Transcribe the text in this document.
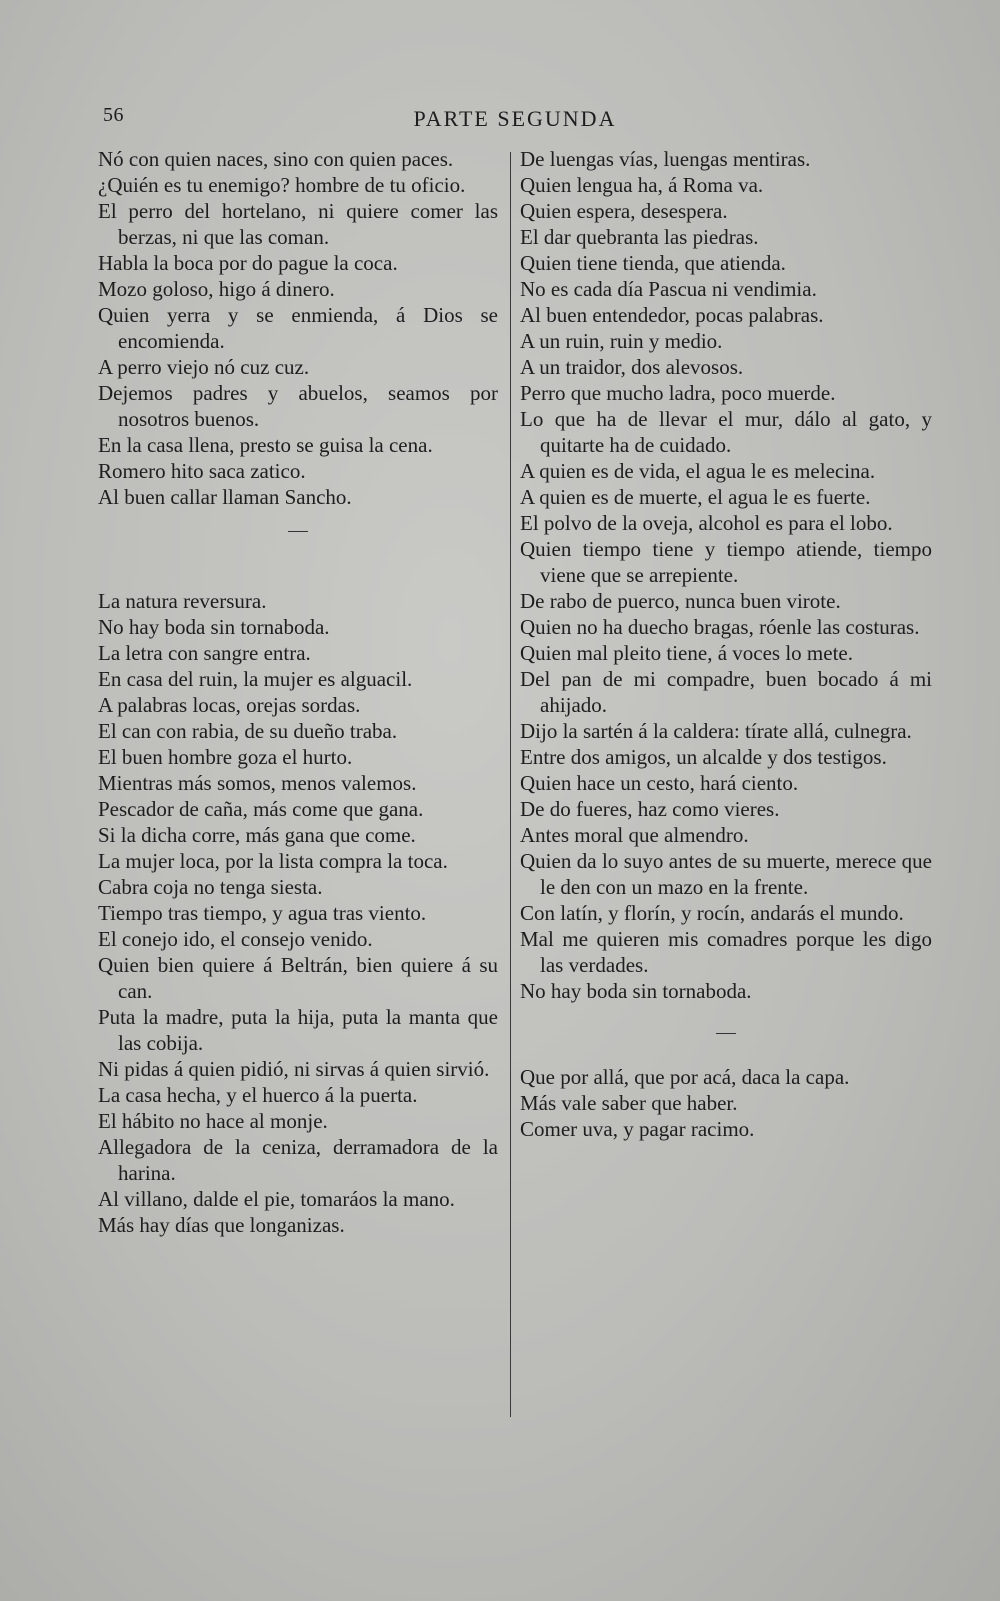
56	PARTE SEGUNDA

Nó con quien naces, sino con quien paces.

¿Quién es tu enemigo? hombre de tu oficio.

El perro del hortelano, ni quiere comer las berzas, ni que las coman.

Habla la boca por do pague la coca.

Mozo goloso, higo á dinero.

Quien yerra y se enmienda, á Dios se encomienda.

A perro viejo nó cuz cuz.

Dejemos padres y abuelos, seamos por nosotros buenos.

En la casa llena, presto se guisa la cena.

Romero hito saca zatico.

Al buen callar llaman Sancho.

La natura reversura.

No hay boda sin tornaboda.

La letra con sangre entra.

En casa del ruin, la mujer es alguacil.

A palabras locas, orejas sordas.

El can con rabia, de su dueño traba.

El buen hombre goza el hurto.

Mientras más somos, menos valemos.

Pescador de caña, más come que gana.

Si la dicha corre, más gana que come.

La mujer loca, por la lista compra la toca.

Cabra coja no tenga siesta.

Tiempo tras tiempo, y agua tras viento.

El conejo ido, el consejo venido.

Quien bien quiere á Beltrán, bien quiere á su can.

Puta la madre, puta la hija, puta la manta que las cobija.

Ni pidas á quien pidió, ni sirvas á quien sirvió.

La casa hecha, y el huerco á la puerta.

El hábito no hace al monje.

Allegadora de la ceniza, derramadora de la harina.

Al villano, dalde el pie, tomaráos la mano.

Más hay días que longanizas.

De luengas vías, luengas mentiras.

Quien lengua ha, á Roma va.

Quien espera, desespera.

El dar quebranta las piedras.

Quien tiene tienda, que atienda.

No es cada día Pascua ni vendimia.

Al buen entendedor, pocas palabras.

A un ruin, ruin y medio.

A un traidor, dos alevosos.

Perro que mucho ladra, poco muerde.

Lo que ha de llevar el mur, dálo al gato, y quitarte ha de cuidado.

A quien es de vida, el agua le es melecina.

A quien es de muerte, el agua le es fuerte.

El polvo de la oveja, alcohol es para el lobo.

Quien tiempo tiene y tiempo atiende, tiempo viene que se arrepiente.

De rabo de puerco, nunca buen virote.

Quien no ha duecho bragas, róenle las costuras.

Quien mal pleito tiene, á voces lo mete.

Del pan de mi compadre, buen bocado á mi ahijado.

Dijo la sartén á la caldera: tírate allá, culnegra.

Entre dos amigos, un alcalde y dos testigos.

Quien hace un cesto, hará ciento.

De do fueres, haz como vieres.

Antes moral que almendro.

Quien da lo suyo antes de su muerte, merece que le den con un mazo en la frente.

Con latín, y florín, y rocín, andarás el mundo.

Mal me quieren mis comadres porque les digo las verdades.

No hay boda sin tornaboda.

Que por allá, que por acá, daca la capa.

Más vale saber que haber.

Comer uva, y pagar racimo.
